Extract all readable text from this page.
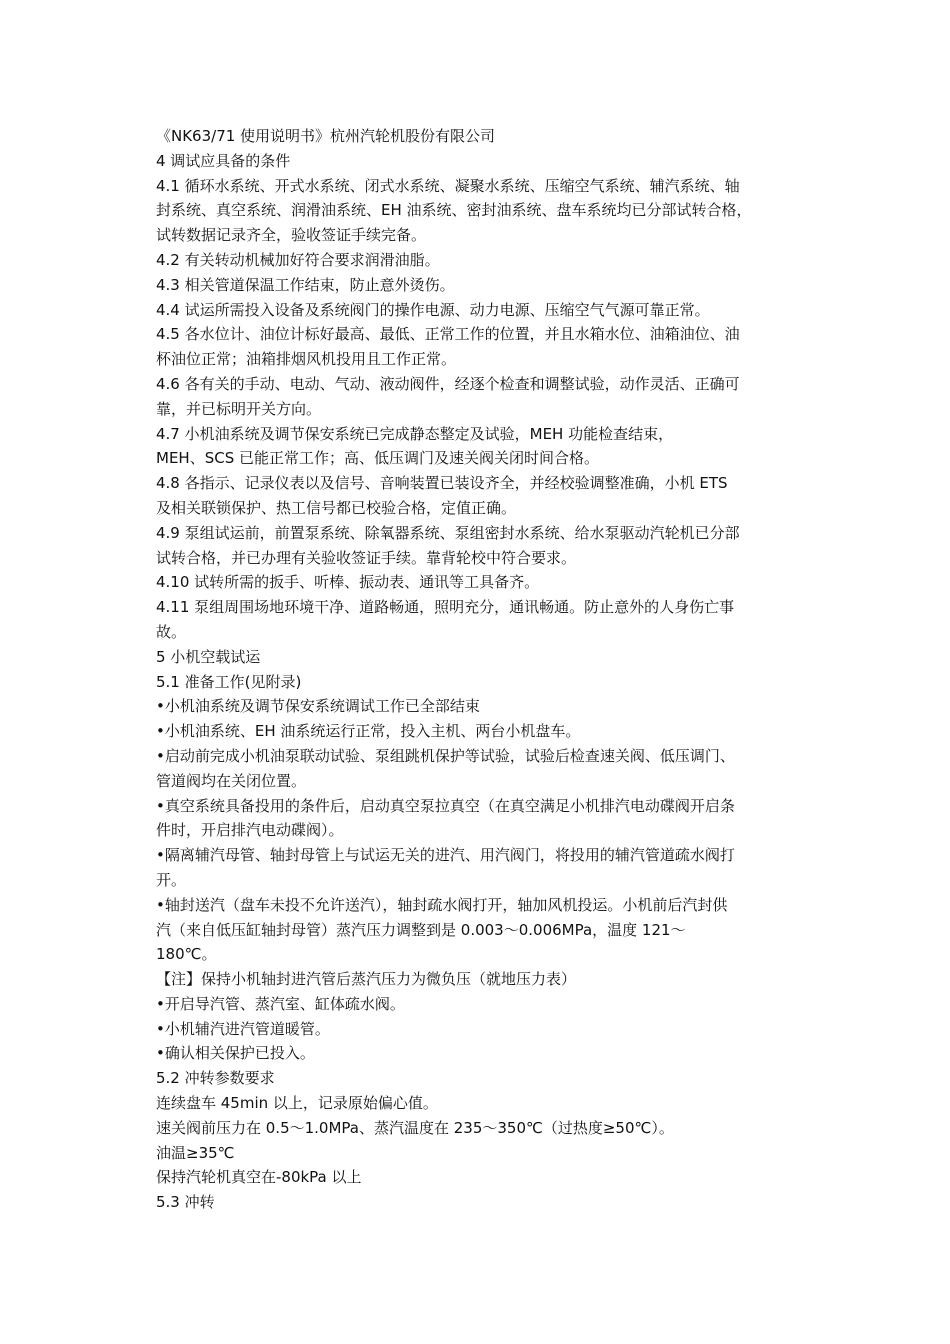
《NK63/71 使用说明书》杭州汽轮机股份有限公司

4 调试应具备的条件

4.1 循环水系统、开式水系统、闭式水系统、凝聚水系统、压缩空气系统、辅汽系统、轴

封系统、真空系统、润滑油系统、EH 油系统、密封油系统、盘车系统均已分部试转合格，

试转数据记录齐全，验收签证手续完备。

4.2 有关转动机械加好符合要求润滑油脂。

4.3 相关管道保温工作结束，防止意外烫伤。

4.4 试运所需投入设备及系统阀门的操作电源、动力电源、压缩空气气源可靠正常。

4.5 各水位计、油位计标好最高、最低、正常工作的位置，并且水箱水位、油箱油位、油

杯油位正常；油箱排烟风机投用且工作正常。

4.6 各有关的手动、电动、气动、液动阀件，经逐个检查和调整试验，动作灵活、正确可

靠，并已标明开关方向。

4.7 小机油系统及调节保安系统已完成静态整定及试验，MEH 功能检查结束，

MEH、SCS 已能正常工作；高、低压调门及速关阀关闭时间合格。

4.8 各指示、记录仪表以及信号、音响装置已装设齐全，并经校验调整准确，小机 ETS

及相关联锁保护、热工信号都已校验合格，定值正确。

4.9 泵组试运前，前置泵系统、除氧器系统、泵组密封水系统、给水泵驱动汽轮机已分部

试转合格，并已办理有关验收签证手续。靠背轮校中符合要求。

4.10 试转所需的扳手、听棒、振动表、通讯等工具备齐。

4.11 泵组周围场地环境干净、道路畅通，照明充分，通讯畅通。防止意外的人身伤亡事

故。

5 小机空载试运

5.1 准备工作(见附录)

•小机油系统及调节保安系统调试工作已全部结束

•小机油系统、EH 油系统运行正常，投入主机、两台小机盘车。

•启动前完成小机油泵联动试验、泵组跳机保护等试验，试验后检查速关阀、低压调门、

管道阀均在关闭位置。

•真空系统具备投用的条件后，启动真空泵拉真空（在真空满足小机排汽电动碟阀开启条

件时，开启排汽电动碟阀）。

•隔离辅汽母管、轴封母管上与试运无关的进汽、用汽阀门，将投用的辅汽管道疏水阀打

开。

•轴封送汽（盘车未投不允许送汽），轴封疏水阀打开，轴加风机投运。小机前后汽封供

汽（来自低压缸轴封母管）蒸汽压力调整到是 0.003～0.006MPa，温度 121～

180℃。

【注】保持小机轴封进汽管后蒸汽压力为微负压（就地压力表）

•开启导汽管、蒸汽室、缸体疏水阀。

•小机辅汽进汽管道暖管。

•确认相关保护已投入。

5.2 冲转参数要求

连续盘车 45min 以上，记录原始偏心值。

速关阀前压力在 0.5～1.0MPa、蒸汽温度在 235～350℃（过热度≥50℃）。

油温≥35℃

保持汽轮机真空在-80kPa 以上

5.3 冲转
